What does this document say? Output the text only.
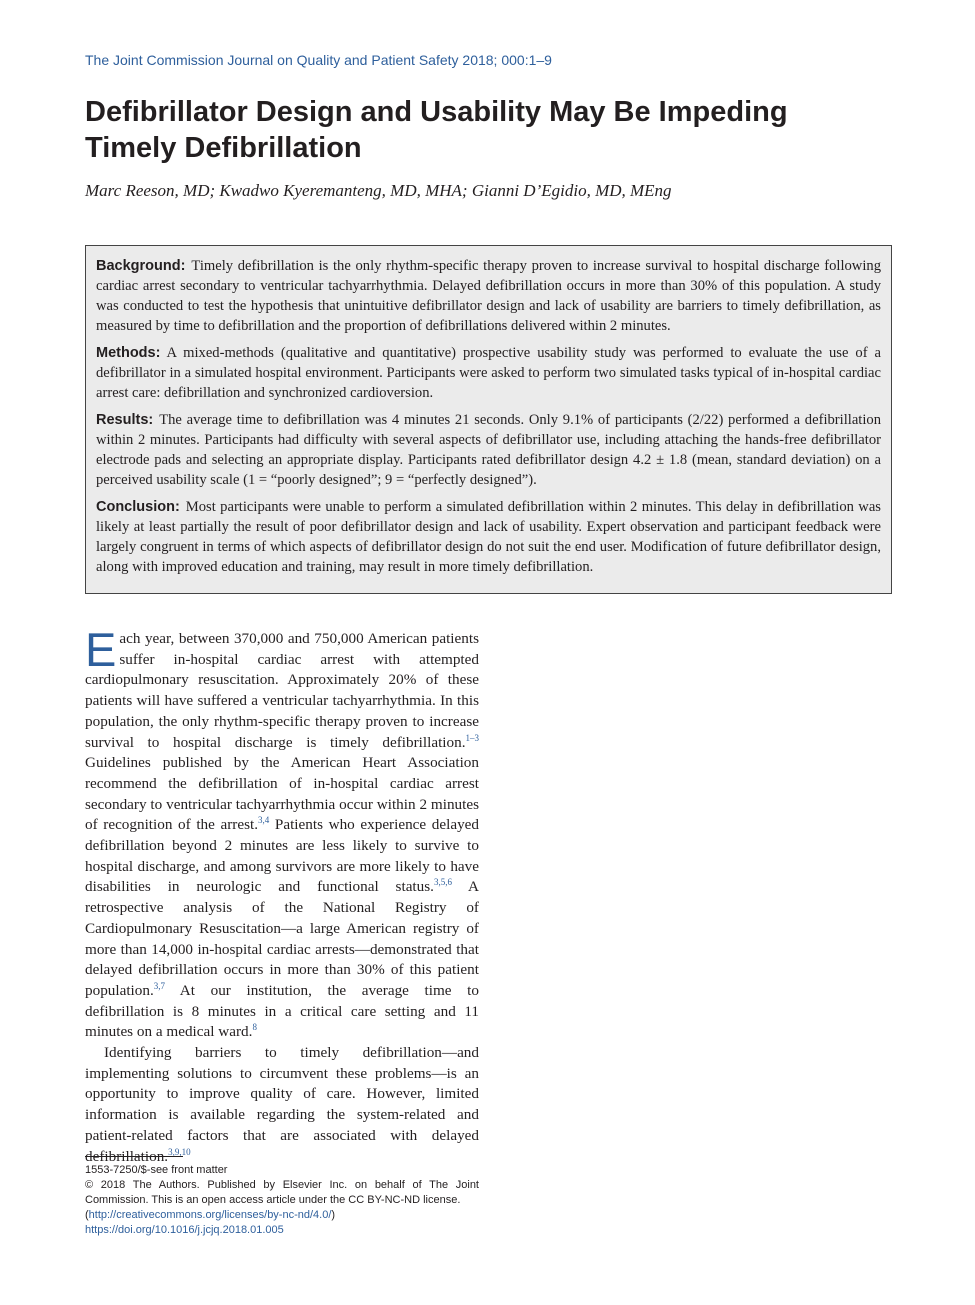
The Joint Commission Journal on Quality and Patient Safety 2018; 000:1–9
Defibrillator Design and Usability May Be Impeding Timely Defibrillation
Marc Reeson, MD; Kwadwo Kyeremanteng, MD, MHA; Gianni D’Egidio, MD, MEng

Background: Timely defibrillation is the only rhythm-specific therapy proven to increase survival to hospital discharge following cardiac arrest secondary to ventricular tachyarrhythmia. Delayed defibrillation occurs in more than 30% of this population. A study was conducted to test the hypothesis that unintuitive defibrillator design and lack of usability are barriers to timely defibrillation, as measured by time to defibrillation and the proportion of defibrillations delivered within 2 minutes.

Methods: A mixed-methods (qualitative and quantitative) prospective usability study was performed to evaluate the use of a defibrillator in a simulated hospital environment. Participants were asked to perform two simulated tasks typical of in-hospital cardiac arrest care: defibrillation and synchronized cardioversion.

Results: The average time to defibrillation was 4 minutes 21 seconds. Only 9.1% of participants (2/22) performed a defibrillation within 2 minutes. Participants had difficulty with several aspects of defibrillator use, including attaching the hands-free defibrillator electrode pads and selecting an appropriate display. Participants rated defibrillator design 4.2 ± 1.8 (mean, standard deviation) on a perceived usability scale (1 = “poorly designed”; 9 = “perfectly designed”).

Conclusion: Most participants were unable to perform a simulated defibrillation within 2 minutes. This delay in defibrillation was likely at least partially the result of poor defibrillator design and lack of usability. Expert observation and participant feedback were largely congruent in terms of which aspects of defibrillator design do not suit the end user. Modification of future defibrillator design, along with improved education and training, may result in more timely defibrillation.

Each year, between 370,000 and 750,000 American patients suffer in-hospital cardiac arrest with attempted cardiopulmonary resuscitation. Approximately 20% of these patients will have suffered a ventricular tachyarrhythmia. In this population, the only rhythm-specific therapy proven to increase survival to hospital discharge is timely defibrillation.$^{1-3}$ Guidelines published by the American Heart Association recommend the defibrillation of in-hospital cardiac arrest secondary to ventricular tachyarrhythmia occur within 2 minutes of recognition of the arrest.$^{3,4}$ Patients who experience delayed defibrillation beyond 2 minutes are less likely to survive to hospital discharge, and among survivors are more likely to have disabilities in neurologic and functional status.$^{3,5,6}$ A retrospective analysis of the National Registry of Cardiopulmonary Resuscitation—a large American registry of more than 14,000 in-hospital cardiac arrests—demonstrated that delayed defibrillation occurs in more than 30% of this patient population.$^{3,7}$ At our institution, the average time to defibrillation is 8 minutes in a critical care setting and 11 minutes on a medical ward.$^8$

Identifying barriers to timely defibrillation—and implementing solutions to circumvent these problems—is an opportunity to improve quality of care. However, limited information is available regarding the system-related and patient-related factors that are associated with delayed defibrillation.$^{3,9,10}$

1553-7250/$-see front matter
© 2018 The Authors. Published by Elsevier Inc. on behalf of The Joint Commission. This is an open access article under the CC BY-NC-ND license.
(http://creativecommons.org/licenses/by-nc-nd/4.0/)
https://doi.org/10.1016/j.jcjq.2018.01.005
